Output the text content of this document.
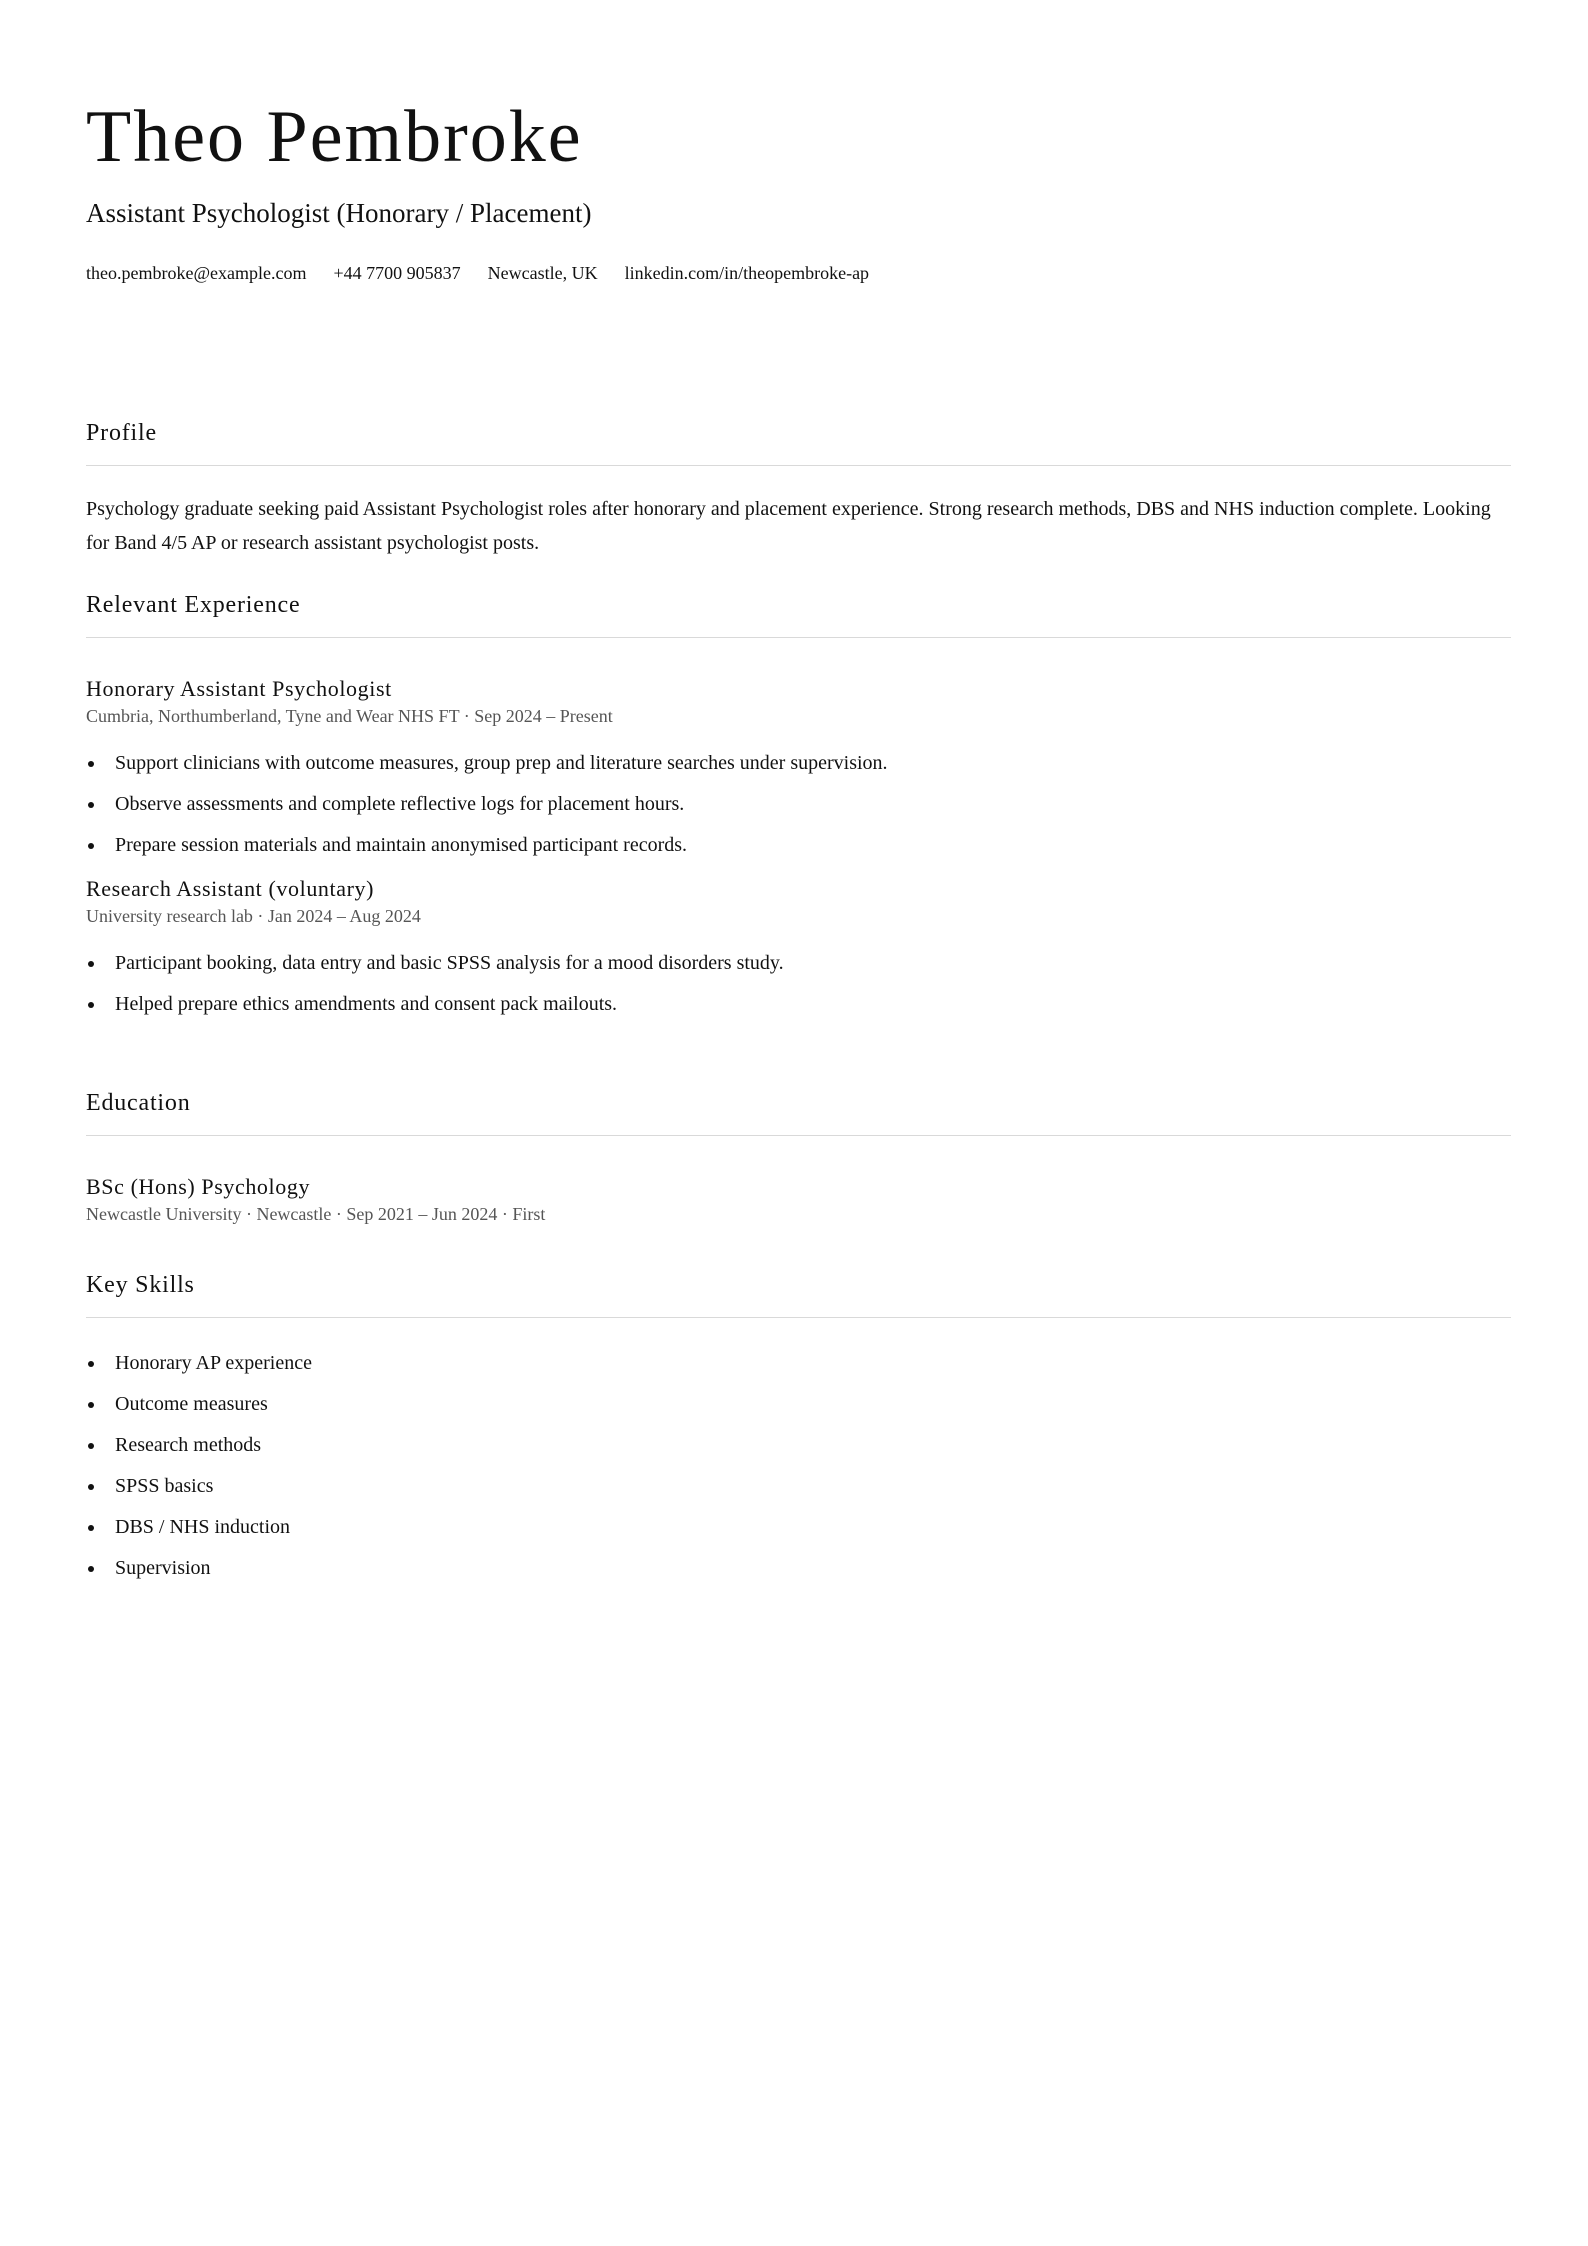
Theo Pembroke

Assistant Psychologist (Honorary / Placement)

theo.pembroke@example.com +44 7700 905837 Newcastle, UK linkedin.com/in/theopembroke-ap
Profile

Psychology graduate seeking paid Assistant Psychologist roles after honorary and placement experience. Strong research methods, DBS and NHS induction complete. Looking for Band 4/5 AP or research assistant psychologist posts.

Relevant Experience
Honorary Assistant Psychologist

Cumbria, Northumberland, Tyne and Wear NHS FT · Sep 2024 – Present

Support clinicians with outcome measures, group prep and literature searches under supervision.
Observe assessments and complete reflective logs for placement hours.
Prepare session materials and maintain anonymised participant records.
Research Assistant (voluntary)

University research lab · Jan 2024 – Aug 2024

Participant booking, data entry and basic SPSS analysis for a mood disorders study.
Helped prepare ethics amendments and consent pack mailouts.
Education
BSc (Hons) Psychology

Newcastle University · Newcastle · Sep 2021 – Jun 2024 · First

Key Skills
Honorary AP experience
Outcome measures
Research methods
SPSS basics
DBS / NHS induction
Supervision
